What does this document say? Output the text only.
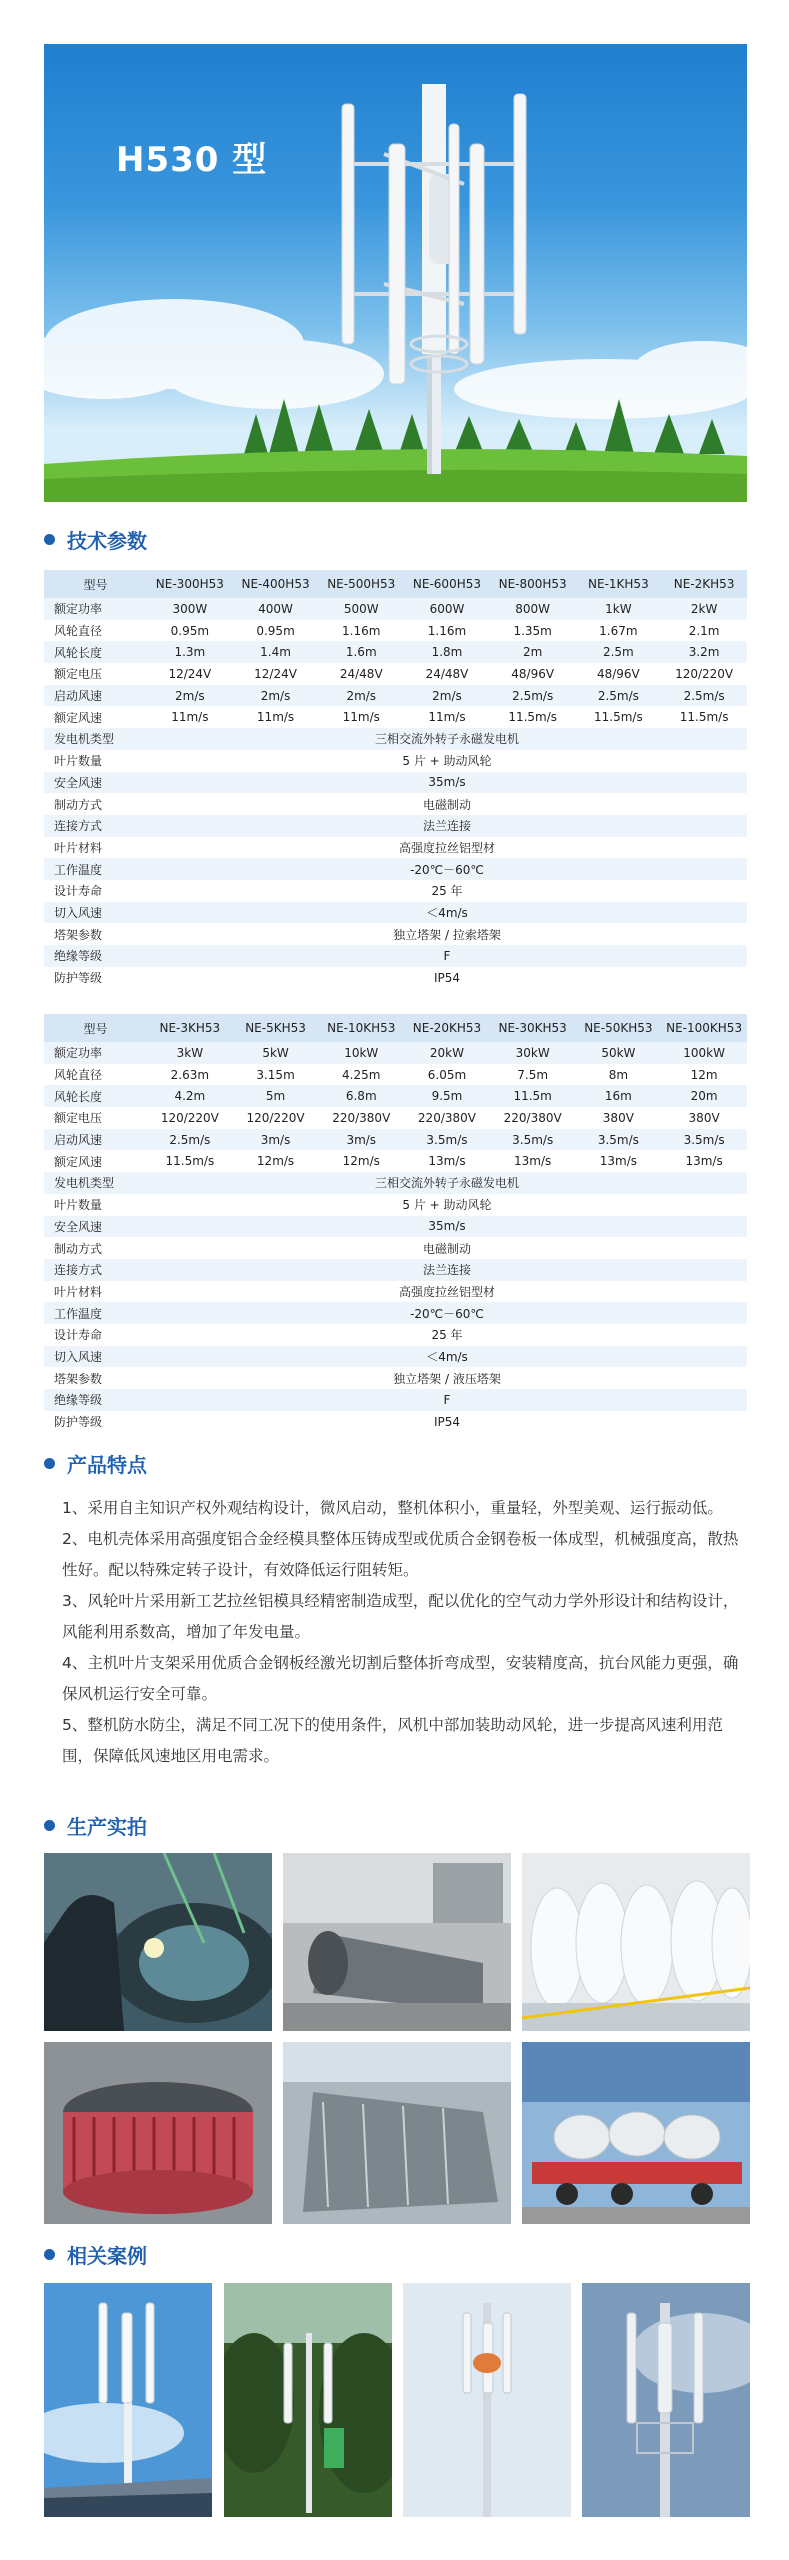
H530 型
技术参数
型号	NE-300H53	NE-400H53	NE-500H53	NE-600H53	NE-800H53	NE-1KH53	NE-2KH53
额定功率	300W	400W	500W	600W	800W	1kW	2kW
风轮直径	0.95m	0.95m	1.16m	1.16m	1.35m	1.67m	2.1m
风轮长度	1.3m	1.4m	1.6m	1.8m	2m	2.5m	3.2m
额定电压	12/24V	12/24V	24/48V	24/48V	48/96V	48/96V	120/220V
启动风速	2m/s	2m/s	2m/s	2m/s	2.5m/s	2.5m/s	2.5m/s
额定风速	11m/s	11m/s	11m/s	11m/s	11.5m/s	11.5m/s	11.5m/s
发电机类型	三相交流外转子永磁发电机						
叶片数量	5 片 + 助动风轮						
安全风速	35m/s						
制动方式	电磁制动						
连接方式	法兰连接						
叶片材料	高强度拉丝铝型材						
工作温度	-20℃－60℃						
设计寿命	25 年						
切入风速	＜4m/s						
塔架参数	独立塔架 / 拉索塔架						
绝缘等级	F						
防护等级	IP54						
型号	NE-3KH53	NE-5KH53	NE-10KH53	NE-20KH53	NE-30KH53	NE-50KH53	NE-100KH53
额定功率	3kW	5kW	10kW	20kW	30kW	50kW	100kW
风轮直径	2.63m	3.15m	4.25m	6.05m	7.5m	8m	12m
风轮长度	4.2m	5m	6.8m	9.5m	11.5m	16m	20m
额定电压	120/220V	120/220V	220/380V	220/380V	220/380V	380V	380V
启动风速	2.5m/s	3m/s	3m/s	3.5m/s	3.5m/s	3.5m/s	3.5m/s
额定风速	11.5m/s	12m/s	12m/s	13m/s	13m/s	13m/s	13m/s
发电机类型	三相交流外转子永磁发电机						
叶片数量	5 片 + 助动风轮						
安全风速	35m/s						
制动方式	电磁制动						
连接方式	法兰连接						
叶片材料	高强度拉丝铝型材						
工作温度	-20℃－60℃						
设计寿命	25 年						
切入风速	＜4m/s						
塔架参数	独立塔架 / 液压塔架						
绝缘等级	F						
防护等级	IP54						
产品特点

1、采用自主知识产权外观结构设计，微风启动，整机体积小，重量轻，外型美观、运行振动低。

2、电机壳体采用高强度铝合金经模具整体压铸成型或优质合金钢卷板一体成型，机械强度高，散热性好。配以特殊定转子设计，有效降低运行阻转矩。

3、风轮叶片采用新工艺拉丝铝模具经精密制造成型，配以优化的空气动力学外形设计和结构设计，风能利用系数高，增加了年发电量。

4、主机叶片支架采用优质合金钢板经激光切割后整体折弯成型，安装精度高，抗台风能力更强，确保风机运行安全可靠。

5、整机防水防尘，满足不同工况下的使用条件，风机中部加装助动风轮，进一步提高风速利用范围，保障低风速地区用电需求。

生产实拍
相关案例
